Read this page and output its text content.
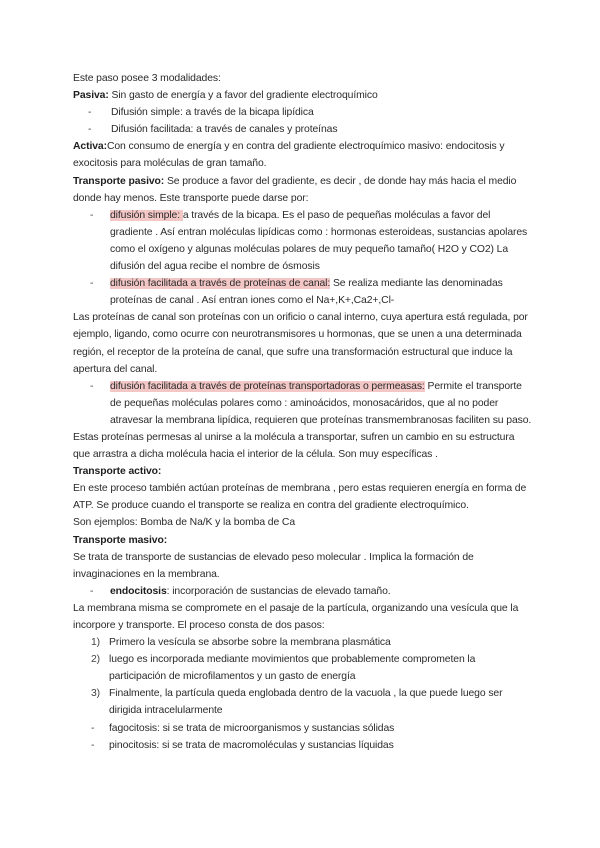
Este paso posee 3 modalidades:

Pasiva: Sin gasto de energía y a favor del gradiente electroquímico

- Difusión simple: a través de la bicapa lipídica

- Difusión facilitada: a través de canales y proteínas

Activa:Con consumo de energía y en contra del gradiente electroquímico masivo: endocitosis y exocitosis para moléculas de gran tamaño.

Transporte pasivo: Se produce a favor del gradiente, es decir , de donde hay más hacia el medio donde hay menos. Este transporte puede darse por:

- difusión simple: a través de la bicapa. Es el paso de pequeñas moléculas a favor del gradiente . Así entran moléculas lipídicas como : hormonas esteroideas, sustancias apolares como el oxígeno y algunas moléculas polares de muy pequeño tamaño( H2O y CO2) La difusión del agua recibe el nombre de ósmosis

- difusión facilitada a través de proteínas de canal: Se realiza mediante las denominadas proteínas de canal . Así entran iones como el Na+,K+,Ca2+,Cl-

Las proteínas de canal son proteínas con un orificio o canal interno, cuya apertura está regulada, por ejemplo, ligando, como ocurre con neurotransmisores u hormonas, que se unen a una determinada región, el receptor de la proteína de canal, que sufre una transformación estructural que induce la apertura del canal.

- difusión facilitada a través de proteínas transportadoras o permeasas: Permite el transporte de pequeñas moléculas polares como : aminoácidos, monosacáridos, que al no poder atravesar la membrana lipídica, requieren que proteínas transmembranosas faciliten su paso.

Estas proteínas permesas al unirse a la molécula a transportar, sufren un cambio en su estructura que arrastra a dicha molécula hacia el interior de la célula. Son muy específicas .

Transporte activo:

En este proceso también actúan proteínas de membrana , pero estas requieren energía en forma de ATP. Se produce cuando el transporte se realiza en contra del gradiente electroquímico.

Son ejemplos: Bomba de Na/K y la bomba de Ca

Transporte masivo:

Se trata de transporte de sustancias de elevado peso molecular . Implica la formación de invaginaciones en la membrana.

- endocitosis: incorporación de sustancias de elevado tamaño.

La membrana misma se compromete en el pasaje de la partícula, organizando una vesícula que la incorpore y transporte. El proceso consta de dos pasos:

1) Primero la vesícula se absorbe sobre la membrana plasmática

2) luego es incorporada mediante movimientos que probablemente comprometen la participación de microfilamentos y un gasto de energía

3) Finalmente, la partícula queda englobada dentro de la vacuola , la que puede luego ser dirigida intracelularmente

- fagocitosis: si se trata de microorganismos y sustancias sólidas

- pinocitosis: si se trata de macromoléculas y sustancias líquidas
